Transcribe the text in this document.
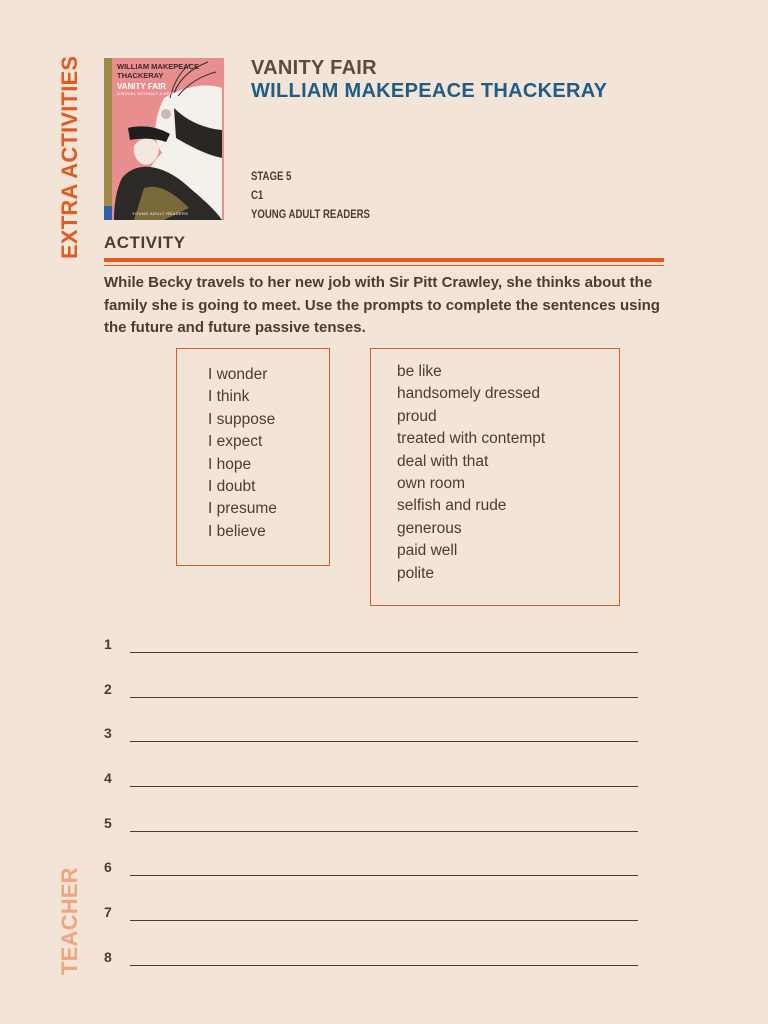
EXTRA ACTIVITIES
TEACHER
WILLIAM MAKEPEACE THACKERAY
VANITY FAIR
A NOVEL WITHOUT A HERO
YOUNG ADULT READERS
VANITY FAIR
WILLIAM MAKEPEACE THACKERAY
STAGE 5
C1
YOUNG ADULT READERS
ACTIVITY
While Becky travels to her new job with Sir Pitt Crawley, she thinks about the family she is going to meet. Use the prompts to complete the sentences using the future and future passive tenses.
I wonder
I think
I suppose
I expect
I hope
I doubt
I presume
I believe
be like
handsomely dressed
proud
treated with contempt
deal with that
own room
selfish and rude
generous
paid well
polite
1
2
3
4
5
6
7
8
